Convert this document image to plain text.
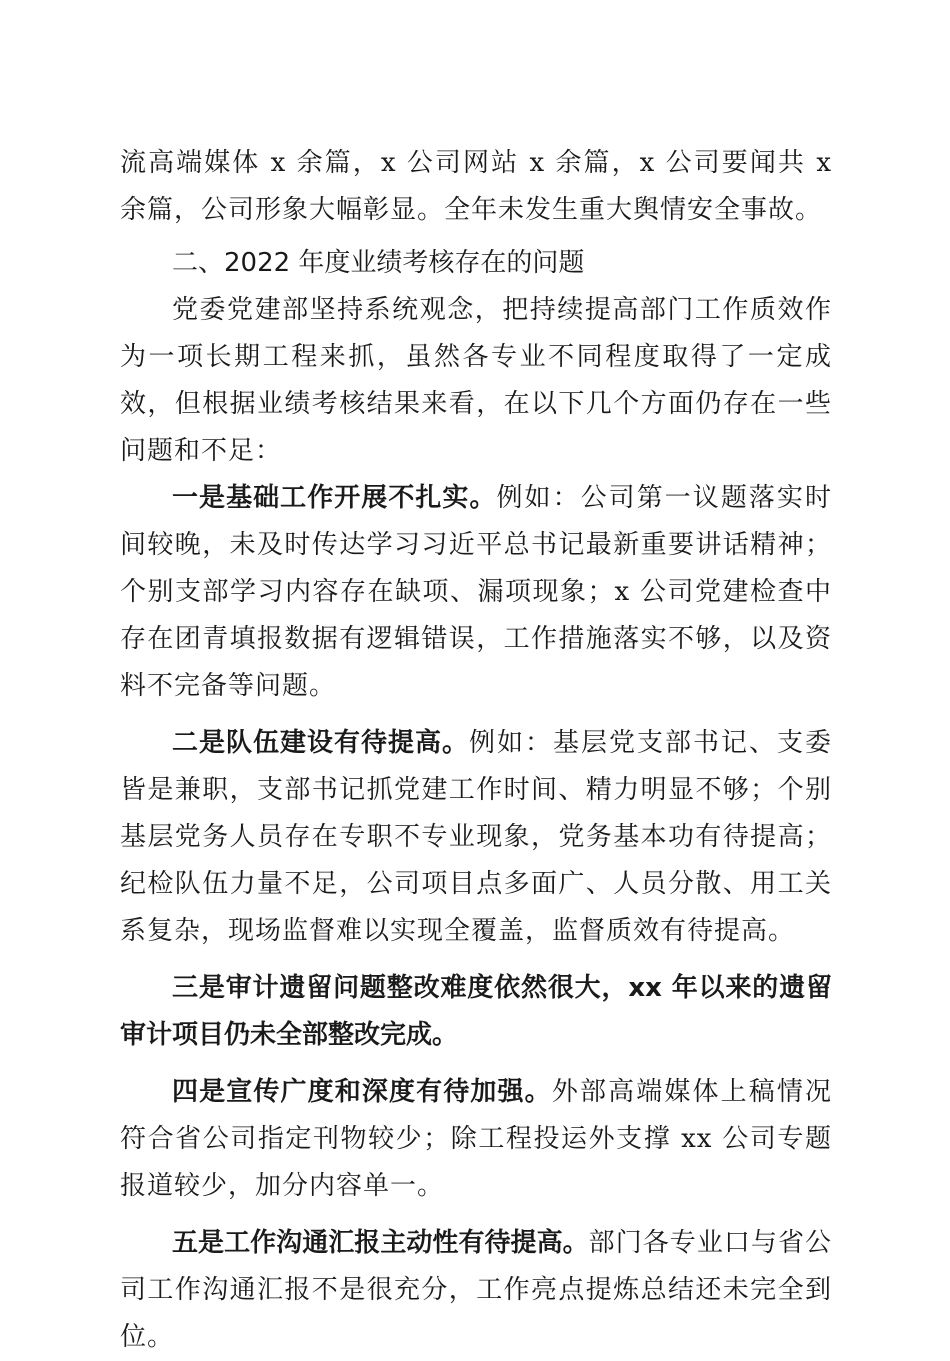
流高端媒体 x 余篇，x 公司网站 x 余篇，x 公司要闻共 x 余篇，公司形象大幅彰显。全年未发生重大舆情安全事故。

二、2022 年度业绩考核存在的问题

党委党建部坚持系统观念，把持续提高部门工作质效作为一项长期工程来抓，虽然各专业不同程度取得了一定成效，但根据业绩考核结果来看，在以下几个方面仍存在一些问题和不足：

一是基础工作开展不扎实。例如：公司第一议题落实时间较晚，未及时传达学习习近平总书记最新重要讲话精神；个别支部学习内容存在缺项、漏项现象；x 公司党建检查中存在团青填报数据有逻辑错误，工作措施落实不够，以及资料不完备等问题。

二是队伍建设有待提高。例如：基层党支部书记、支委皆是兼职，支部书记抓党建工作时间、精力明显不够；个别基层党务人员存在专职不专业现象，党务基本功有待提高；纪检队伍力量不足，公司项目点多面广、人员分散、用工关系复杂，现场监督难以实现全覆盖，监督质效有待提高。

三是审计遗留问题整改难度依然很大，xx 年以来的遗留审计项目仍未全部整改完成。

四是宣传广度和深度有待加强。外部高端媒体上稿情况符合省公司指定刊物较少；除工程投运外支撑 xx 公司专题报道较少，加分内容单一。

五是工作沟通汇报主动性有待提高。部门各专业口与省公司工作沟通汇报不是很充分，工作亮点提炼总结还未完全到位。
